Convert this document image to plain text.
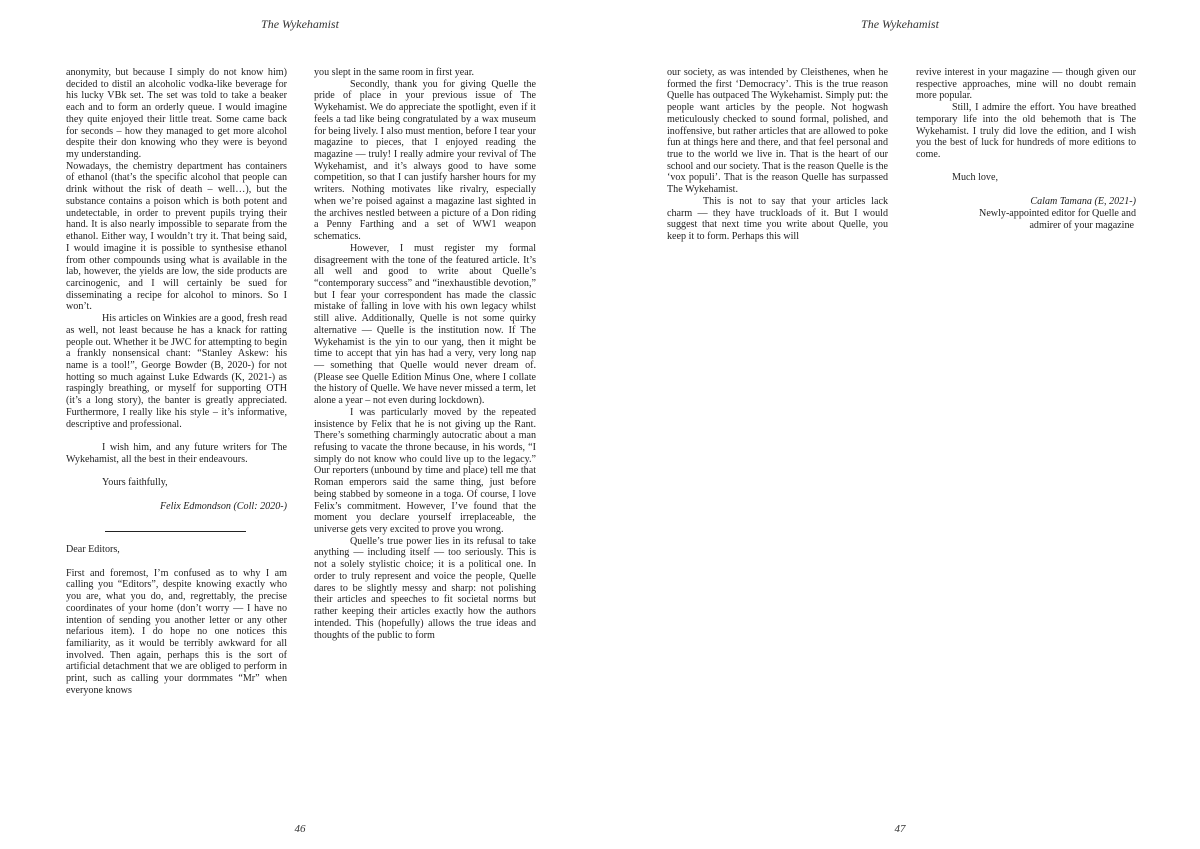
The Wykehamist

anonymity, but because I simply do not know him) decided to distil an alcoholic vodka-like beverage for his lucky VBk set. The set was told to take a beaker each and to form an orderly queue. I would imagine they quite enjoyed their little treat. Some came back for seconds – how they managed to get more alcohol despite their don knowing who they were is beyond my understanding.

Nowadays, the chemistry department has containers of ethanol (that’s the specific alcohol that people can drink without the risk of death – well…), but the substance contains a poison which is both potent and undetectable, in order to prevent pupils trying their hand. It is also nearly impossible to separate from the ethanol. Either way, I wouldn’t try it. That being said, I would imagine it is possible to synthesise ethanol from other compounds using what is available in the lab, however, the yields are low, the side products are carcinogenic, and I will certainly be sued for disseminating a recipe for alcohol to minors. So I won’t.

His articles on Winkies are a good, fresh read as well, not least because he has a knack for ratting people out. Whether it be JWC for attempting to begin a frankly nonsensical chant: “Stanley Askew: his name is a tool!”, George Bowder (B, 2020-) for not hotting so much against Luke Edwards (K, 2021-) as raspingly breathing, or myself for supporting OTH (it’s a long story), the banter is greatly appreciated. Furthermore, I really like his style – it’s informative, descriptive and professional.

I wish him, and any future writers for The Wykehamist, all the best in their endeavours.

Yours faithfully,

Felix Edmondson (Coll: 2020-)

Dear Editors,

First and foremost, I’m confused as to why I am calling you “Editors”, despite knowing exactly who you are, what you do, and, regrettably, the precise coordinates of your home (don’t worry — I have no intention of sending you another letter or any other nefarious item). I do hope no one notices this familiarity, as it would be terribly awkward for all involved. Then again, perhaps this is the sort of artificial detachment that we are obliged to perform in print, such as calling your dormmates “Mr” when everyone knows

you slept in the same room in first year.

Secondly, thank you for giving Quelle the pride of place in your previous issue of The Wykehamist. We do appreciate the spotlight, even if it feels a tad like being congratulated by a wax museum for being lively. I also must mention, before I tear your magazine to pieces, that I enjoyed reading the magazine — truly! I really admire your revival of The Wykehamist, and it’s always good to have some competition, so that I can justify harsher hours for my writers. Nothing motivates like rivalry, especially when we’re poised against a magazine last sighted in the archives nestled between a picture of a Don riding a Penny Farthing and a set of WW1 weapon schematics.

However, I must register my formal disagreement with the tone of the featured article. It’s all well and good to write about Quelle’s “contemporary success” and “inexhaustible devotion,” but I fear your correspondent has made the classic mistake of falling in love with his own legacy whilst still alive. Additionally, Quelle is not some quirky alternative — Quelle is the institution now. If The Wykehamist is the yin to our yang, then it might be time to accept that yin has had a very, very long nap — something that Quelle would never dream of. (Please see Quelle Edition Minus One, where I collate the history of Quelle. We have never missed a term, let alone a year – not even during lockdown).

I was particularly moved by the repeated insistence by Felix that he is not giving up the Rant. There’s something charmingly autocratic about a man refusing to vacate the throne because, in his words, “I simply do not know who could live up to the legacy.” Our reporters (unbound by time and place) tell me that Roman emperors said the same thing, just before being stabbed by someone in a toga. Of course, I love Felix’s commitment. However, I’ve found that the moment you declare yourself irreplaceable, the universe gets very excited to prove you wrong.

Quelle’s true power lies in its refusal to take anything — including itself — too seriously. This is not a solely stylistic choice; it is a political one. In order to truly represent and voice the people, Quelle dares to be slightly messy and sharp: not polishing their articles and speeches to fit societal norms but rather keeping their articles exactly how the authors intended. This (hopefully) allows the true ideas and thoughts of the public to form

46
The Wykehamist

our society, as was intended by Cleisthenes, when he formed the first ‘Democracy’. This is the true reason Quelle has outpaced The Wykehamist. Simply put: the people want articles by the people. Not hogwash meticulously checked to sound formal, polished, and inoffensive, but rather articles that are allowed to poke fun at things here and there, and that feel personal and true to the world we live in. That is the heart of our school and our society. That is the reason Quelle is the ‘vox populi’. That is the reason Quelle has surpassed The Wykehamist.

This is not to say that your articles lack charm — they have truckloads of it. But I would suggest that next time you write about Quelle, you keep it to form. Perhaps this will

revive interest in your magazine — though given our respective approaches, mine will no doubt remain more popular.

Still, I admire the effort. You have breathed temporary life into the old behemoth that is The Wykehamist. I truly did love the edition, and I wish you the best of luck for hundreds of more editions to come.

Much love,

Calam Tamana (E, 2021-)
Newly-appointed editor for Quelle and
admirer of your magazine
47
